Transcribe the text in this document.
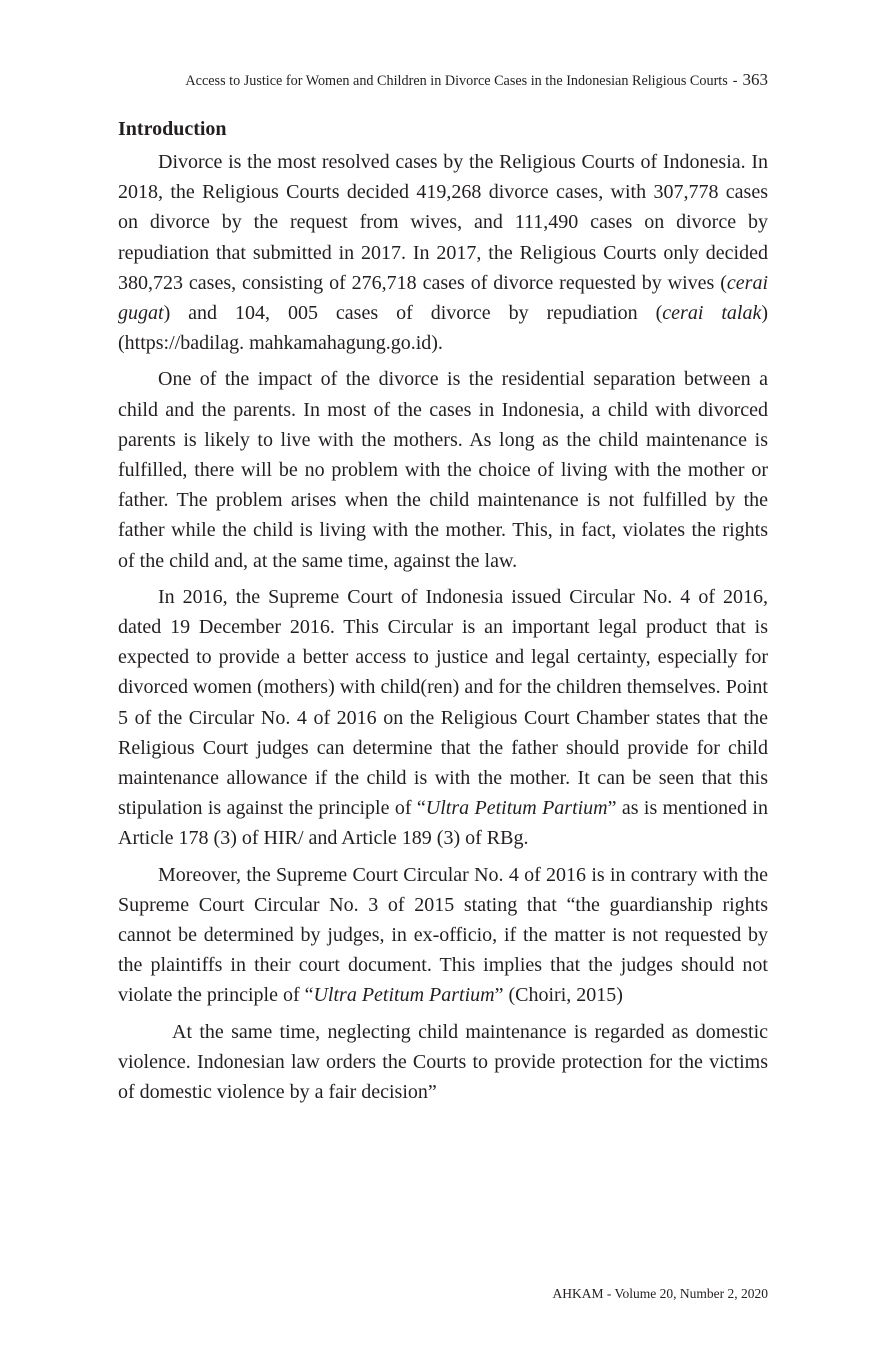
Access to Justice for Women and Children in Divorce Cases in the Indonesian Religious Courts - 363
Introduction

Divorce is the most resolved cases by the Religious Courts of Indonesia. In 2018, the Religious Courts decided 419,268 divorce cases, with 307,778 cases on divorce by the request from wives, and 111,490 cases on divorce by repudiation that submitted in 2017. In 2017, the Religious Courts only decided 380,723 cases, consisting of 276,718 cases of divorce requested by wives (cerai gugat) and 104, 005 cases of divorce by repudiation (cerai talak) (https://badilag. mahkamahagung.go.id).

One of the impact of the divorce is the residential separation between a child and the parents. In most of the cases in Indonesia, a child with divorced parents is likely to live with the mothers. As long as the child maintenance is fulfilled, there will be no problem with the choice of living with the mother or father. The problem arises when the child maintenance is not fulfilled by the father while the child is living with the mother. This, in fact, violates the rights of the child and, at the same time, against the law.

In 2016, the Supreme Court of Indonesia issued Circular No. 4 of 2016, dated 19 December 2016. This Circular is an important legal product that is expected to provide a better access to justice and legal certainty, especially for divorced women (mothers) with child(ren) and for the children themselves. Point 5 of the Circular No. 4 of 2016 on the Religious Court Chamber states that the Religious Court judges can determine that the father should provide for child maintenance allowance if the child is with the mother. It can be seen that this stipulation is against the principle of “Ultra Petitum Partium” as is mentioned in Article 178 (3) of HIR/ and Article 189 (3) of RBg.

Moreover, the Supreme Court Circular No. 4 of 2016 is in contrary with the Supreme Court Circular No. 3 of 2015 stating that “the guardianship rights cannot be determined by judges, in ex-officio, if the matter is not requested by the plaintiffs in their court document. This implies that the judges should not violate the principle of “Ultra Petitum Partium” (Choiri, 2015)

At the same time, neglecting child maintenance is regarded as domestic violence. Indonesian law orders the Courts to provide protection for the victims of domestic violence by a fair decision”

AHKAM - Volume 20, Number 2, 2020
